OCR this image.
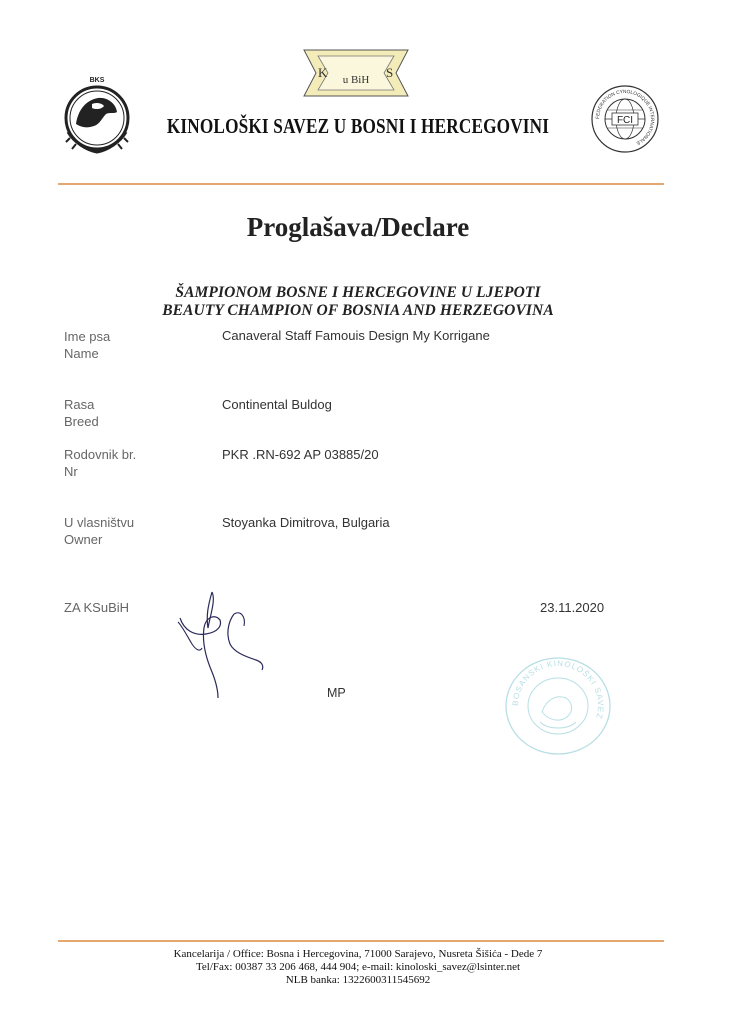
BKS
K u BiH S
FEDERATION CYNOLOGIQUE INTERNATIONALE
FCI
KINOLOŠKI SAVEZ U BOSNI I HERCEGOVINI
Proglašava/Declare
ŠAMPIONOM BOSNE I HERCEGOVINE U LJEPOTI
BEAUTY CHAMPION OF BOSNIA AND HERZEGOVINA
Ime psa
Name
Canaveral Staff Famouis Design My Korrigane
Rasa
Breed
Continental Buldog
Rodovnik br.
Nr
PKR .RN-692 AP 03885/20
U vlasništvu
Owner
Stoyanka Dimitrova, Bulgaria
ZA KSuBiH	23.11.2020
MP
BOSANSKI KINOLOŠKI SAVEZ
Kancelarija / Office: Bosna i Hercegovina, 71000 Sarajevo, Nusreta Šišića - Dede 7
Tel/Fax: 00387 33 206 468, 444 904; e-mail: kinoloski_savez@lsinter.net
NLB banka: 1322600311545692
